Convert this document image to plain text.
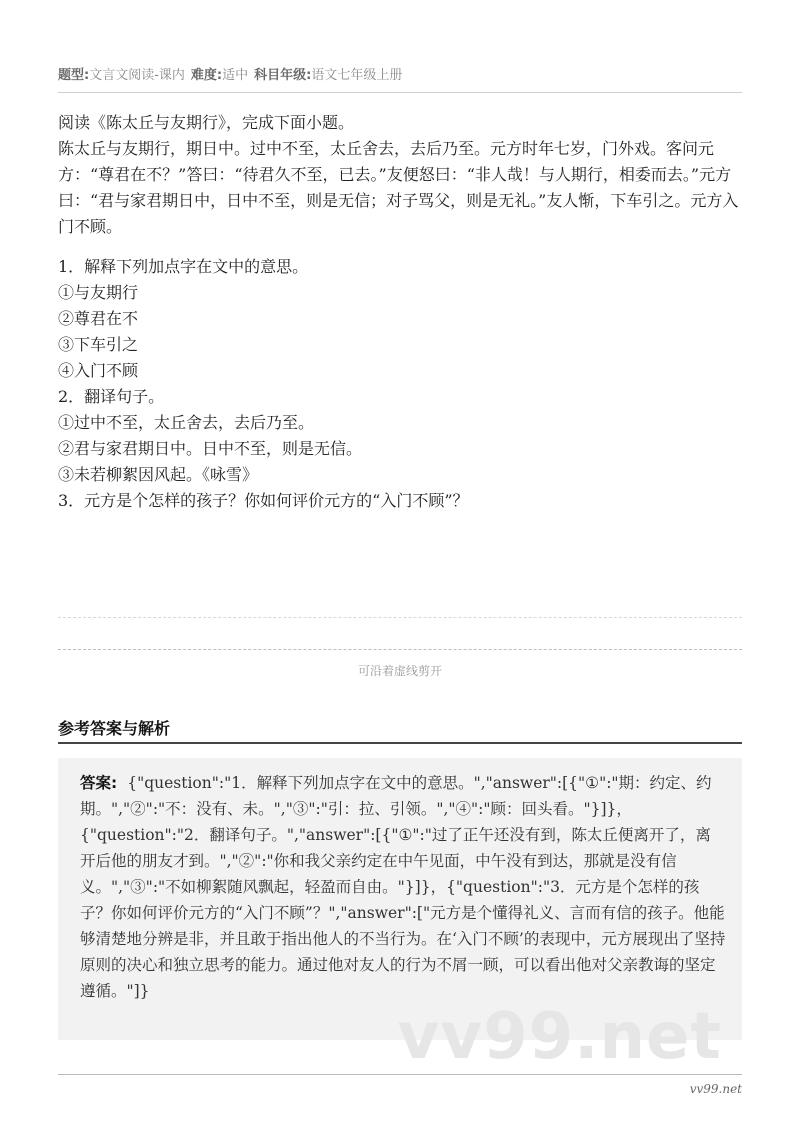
题型:文言文阅读-课内 难度:适中 科目年级:语文七年级上册

阅读《陈太丘与友期行》，完成下面小题。

陈太丘与友期行，期日中。过中不至，太丘舍去，去后乃至。元方时年七岁，门外戏。客问元方：“尊君在不？”答曰：“待君久不至，已去。”友便怒曰：“非人哉！与人期行，相委而去。”元方曰：“君与家君期日中，日中不至，则是无信；对子骂父，则是无礼。”友人惭，下车引之。元方入门不顾。

1．解释下列加点字在文中的意思。

①与友期行

②尊君在不

③下车引之

④入门不顾

2．翻译句子。

①过中不至，太丘舍去，去后乃至。

②君与家君期日中。日中不至，则是无信。

③未若柳絮因风起。《咏雪》

3．元方是个怎样的孩子？你如何评价元方的“入门不顾”？

可沿着虚线剪开
参考答案与解析
答案: {"question":"1．解释下列加点字在文中的意思。","answer":[{"①":"期：约定、约期。","②":"不：没有、未。","③":"引：拉、引领。","④":"顾：回头看。"}]}，{"question":"2．翻译句子。","answer":[{"①":"过了正午还没有到，陈太丘便离开了，离开后他的朋友才到。","②":"你和我父亲约定在中午见面，中午没有到达，那就是没有信义。","③":"不如柳絮随风飘起，轻盈而自由。"}]}，{"question":"3．元方是个怎样的孩子？你如何评价元方的“入门不顾”？","answer":["元方是个懂得礼义、言而有信的孩子。他能够清楚地分辨是非，并且敢于指出他人的不当行为。在‘入门不顾’的表现中，元方展现出了坚持原则的决心和独立思考的能力。通过他对友人的行为不屑一顾，可以看出他对父亲教诲的坚定遵循。"]}
vv99.net
vv99.net
